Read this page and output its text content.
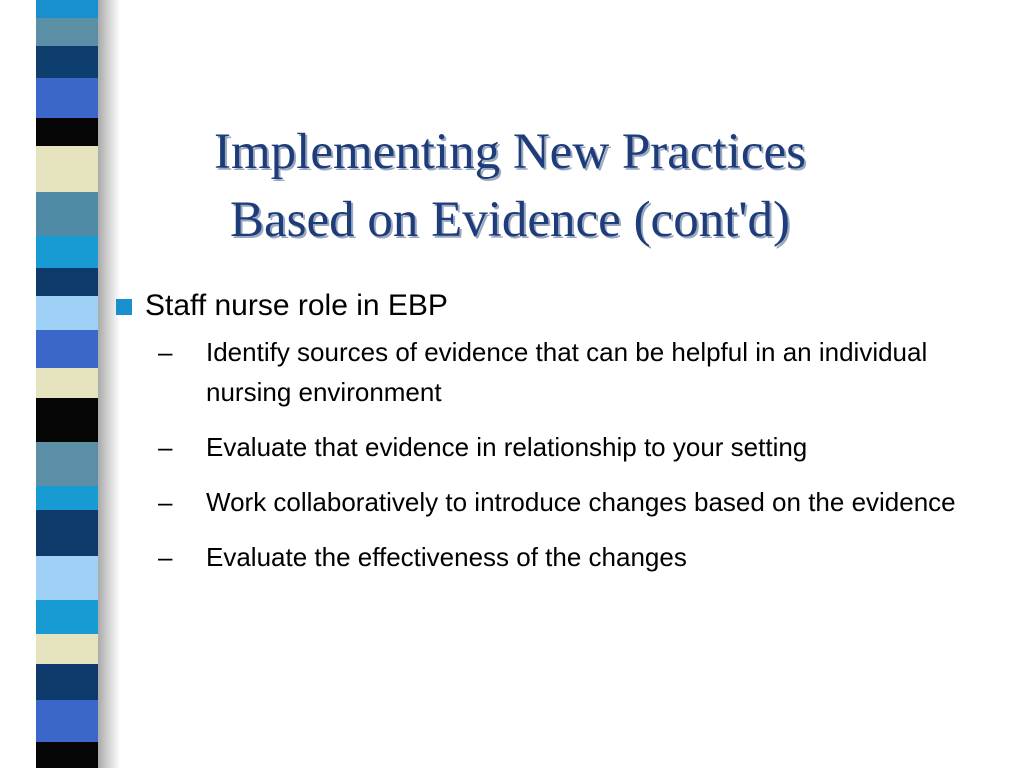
Implementing New Practices
Based on Evidence (cont'd)
Staff nurse role in EBP
–	Identify sources of evidence that can be helpful in an individual nursing environment
–	Evaluate that evidence in relationship to your setting
–	Work collaboratively to introduce changes based on the evidence
–	Evaluate the effectiveness of the changes
